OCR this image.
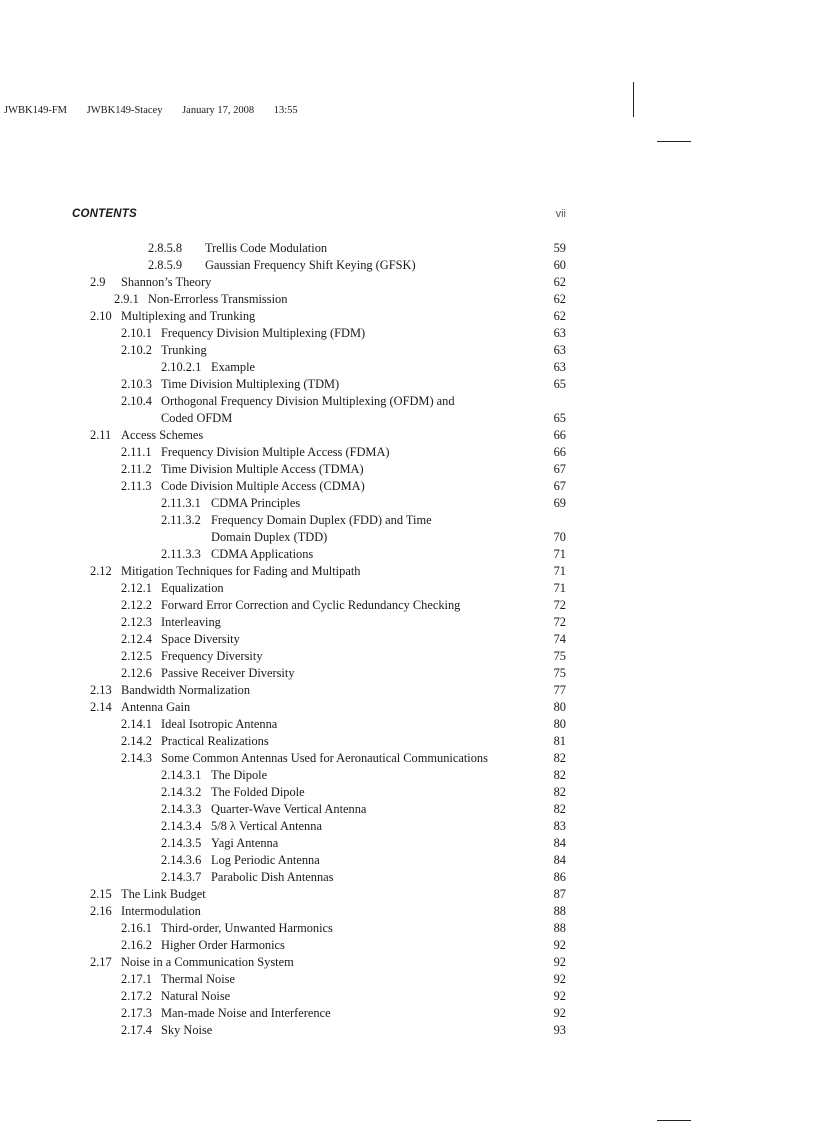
JWBK149-FM JWBK149-Stacey January 17, 2008 13:55
CONTENTS	vii
2.8.5.8 Trellis Code Modulation	59
2.8.5.9 Gaussian Frequency Shift Keying (GFSK)	60
2.9 Shannon’s Theory	62
2.9.1 Non-Errorless Transmission	62
2.10 Multiplexing and Trunking	62
2.10.1 Frequency Division Multiplexing (FDM)	63
2.10.2 Trunking	63
2.10.2.1 Example	63
2.10.3 Time Division Multiplexing (TDM)	65
2.10.4 Orthogonal Frequency Division Multiplexing (OFDM) and
Coded OFDM	65
2.11 Access Schemes	66
2.11.1 Frequency Division Multiple Access (FDMA)	66
2.11.2 Time Division Multiple Access (TDMA)	67
2.11.3 Code Division Multiple Access (CDMA)	67
2.11.3.1 CDMA Principles	69
2.11.3.2 Frequency Domain Duplex (FDD) and Time
Domain Duplex (TDD)	70
2.11.3.3 CDMA Applications	71
2.12 Mitigation Techniques for Fading and Multipath	71
2.12.1 Equalization	71
2.12.2 Forward Error Correction and Cyclic Redundancy Checking	72
2.12.3 Interleaving	72
2.12.4 Space Diversity	74
2.12.5 Frequency Diversity	75
2.12.6 Passive Receiver Diversity	75
2.13 Bandwidth Normalization	77
2.14 Antenna Gain	80
2.14.1 Ideal Isotropic Antenna	80
2.14.2 Practical Realizations	81
2.14.3 Some Common Antennas Used for Aeronautical Communications	82
2.14.3.1 The Dipole	82
2.14.3.2 The Folded Dipole	82
2.14.3.3 Quarter-Wave Vertical Antenna	82
2.14.3.4 5/8 λ Vertical Antenna	83
2.14.3.5 Yagi Antenna	84
2.14.3.6 Log Periodic Antenna	84
2.14.3.7 Parabolic Dish Antennas	86
2.15 The Link Budget	87
2.16 Intermodulation	88
2.16.1 Third-order, Unwanted Harmonics	88
2.16.2 Higher Order Harmonics	92
2.17 Noise in a Communication System	92
2.17.1 Thermal Noise	92
2.17.2 Natural Noise	92
2.17.3 Man-made Noise and Interference	92
2.17.4 Sky Noise	93
